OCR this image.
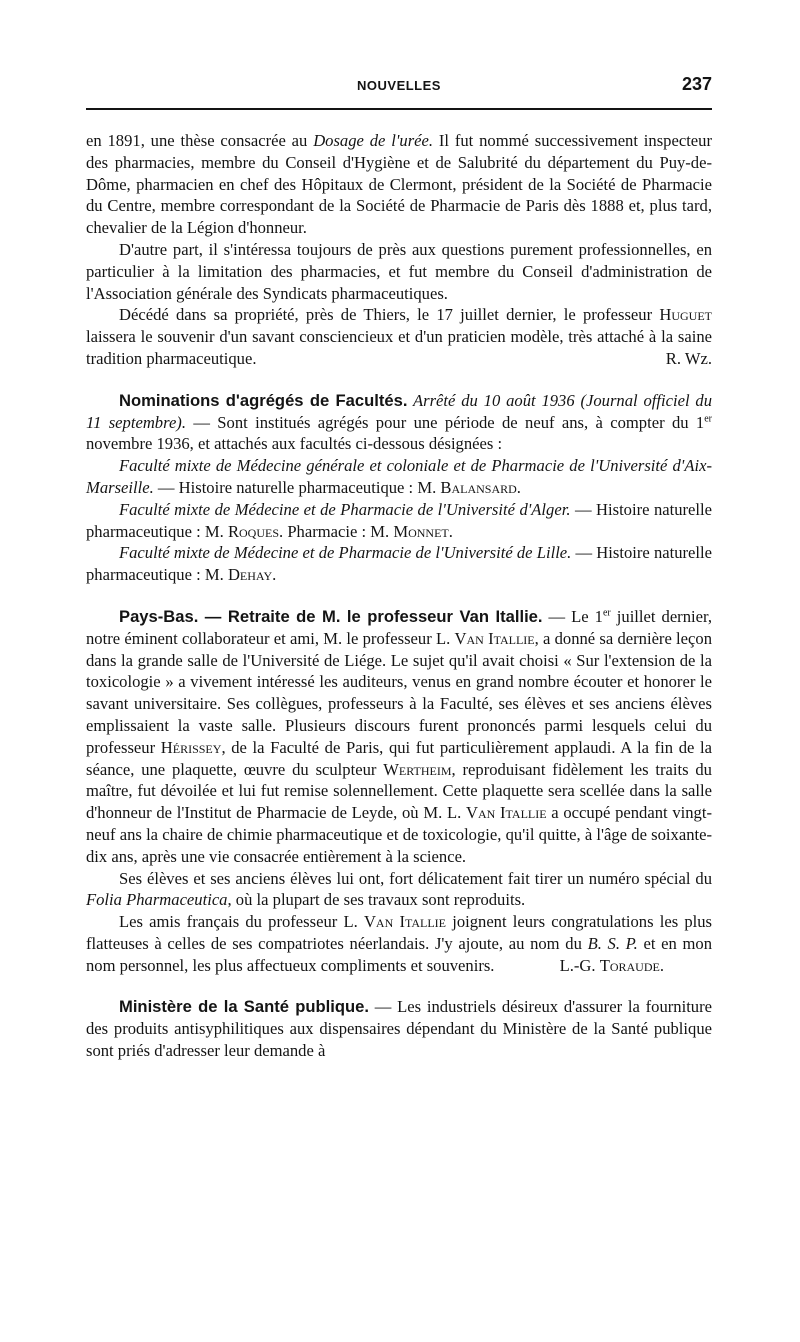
NOUVELLES	237

en 1891, une thèse consacrée au Dosage de l'urée. Il fut nommé successivement inspecteur des pharmacies, membre du Conseil d'Hygiène et de Salubrité du département du Puy-de-Dôme, pharmacien en chef des Hôpitaux de Clermont, président de la Société de Pharmacie du Centre, membre correspondant de la Société de Pharmacie de Paris dès 1888 et, plus tard, chevalier de la Légion d'honneur.

D'autre part, il s'intéressa toujours de près aux questions purement professionnelles, en particulier à la limitation des pharmacies, et fut membre du Conseil d'administration de l'Association générale des Syndicats pharmaceutiques.

Décédé dans sa propriété, près de Thiers, le 17 juillet dernier, le professeur Huguet laissera le souvenir d'un savant consciencieux et d'un praticien modèle, très attaché à la saine tradition pharmaceutique.	R. Wz.

Nominations d'agrégés de Facultés. Arrêté du 10 août 1936 (Journal officiel du 11 septembre). — Sont institués agrégés pour une période de neuf ans, à compter du 1er novembre 1936, et attachés aux facultés ci-dessous désignées :

Faculté mixte de Médecine générale et coloniale et de Pharmacie de l'Université d'Aix-Marseille. — Histoire naturelle pharmaceutique : M. Balansard.

Faculté mixte de Médecine et de Pharmacie de l'Université d'Alger. — Histoire naturelle pharmaceutique : M. Roques. Pharmacie : M. Monnet.

Faculté mixte de Médecine et de Pharmacie de l'Université de Lille. — Histoire naturelle pharmaceutique : M. Dehay.

Pays-Bas. — Retraite de M. le professeur Van Itallie. — Le 1er juillet dernier, notre éminent collaborateur et ami, M. le professeur L. Van Itallie, a donné sa dernière leçon dans la grande salle de l'Université de Liége. Le sujet qu'il avait choisi « Sur l'extension de la toxicologie » a vivement intéressé les auditeurs, venus en grand nombre écouter et honorer le savant universitaire. Ses collègues, professeurs à la Faculté, ses élèves et ses anciens élèves emplissaient la vaste salle. Plusieurs discours furent prononcés parmi lesquels celui du professeur Hérissey, de la Faculté de Paris, qui fut particulièrement applaudi. A la fin de la séance, une plaquette, œuvre du sculpteur Wertheim, reproduisant fidèlement les traits du maître, fut dévoilée et lui fut remise solennellement. Cette plaquette sera scellée dans la salle d'honneur de l'Institut de Pharmacie de Leyde, où M. L. Van Itallie a occupé pendant vingt-neuf ans la chaire de chimie pharmaceutique et de toxicologie, qu'il quitte, à l'âge de soixante-dix ans, après une vie consacrée entièrement à la science.

Ses élèves et ses anciens élèves lui ont, fort délicatement fait tirer un numéro spécial du Folia Pharmaceutica, où la plupart de ses travaux sont reproduits.

Les amis français du professeur L. Van Itallie joignent leurs congratulations les plus flatteuses à celles de ses compatriotes néerlandais. J'y ajoute, au nom du B. S. P. et en mon nom personnel, les plus affectueux compliments et souvenirs.	L.-G. Toraude.

Ministère de la Santé publique. — Les industriels désireux d'assurer la fourniture des produits antisyphilitiques aux dispensaires dépendant du Ministère de la Santé publique sont priés d'adresser leur demande à
